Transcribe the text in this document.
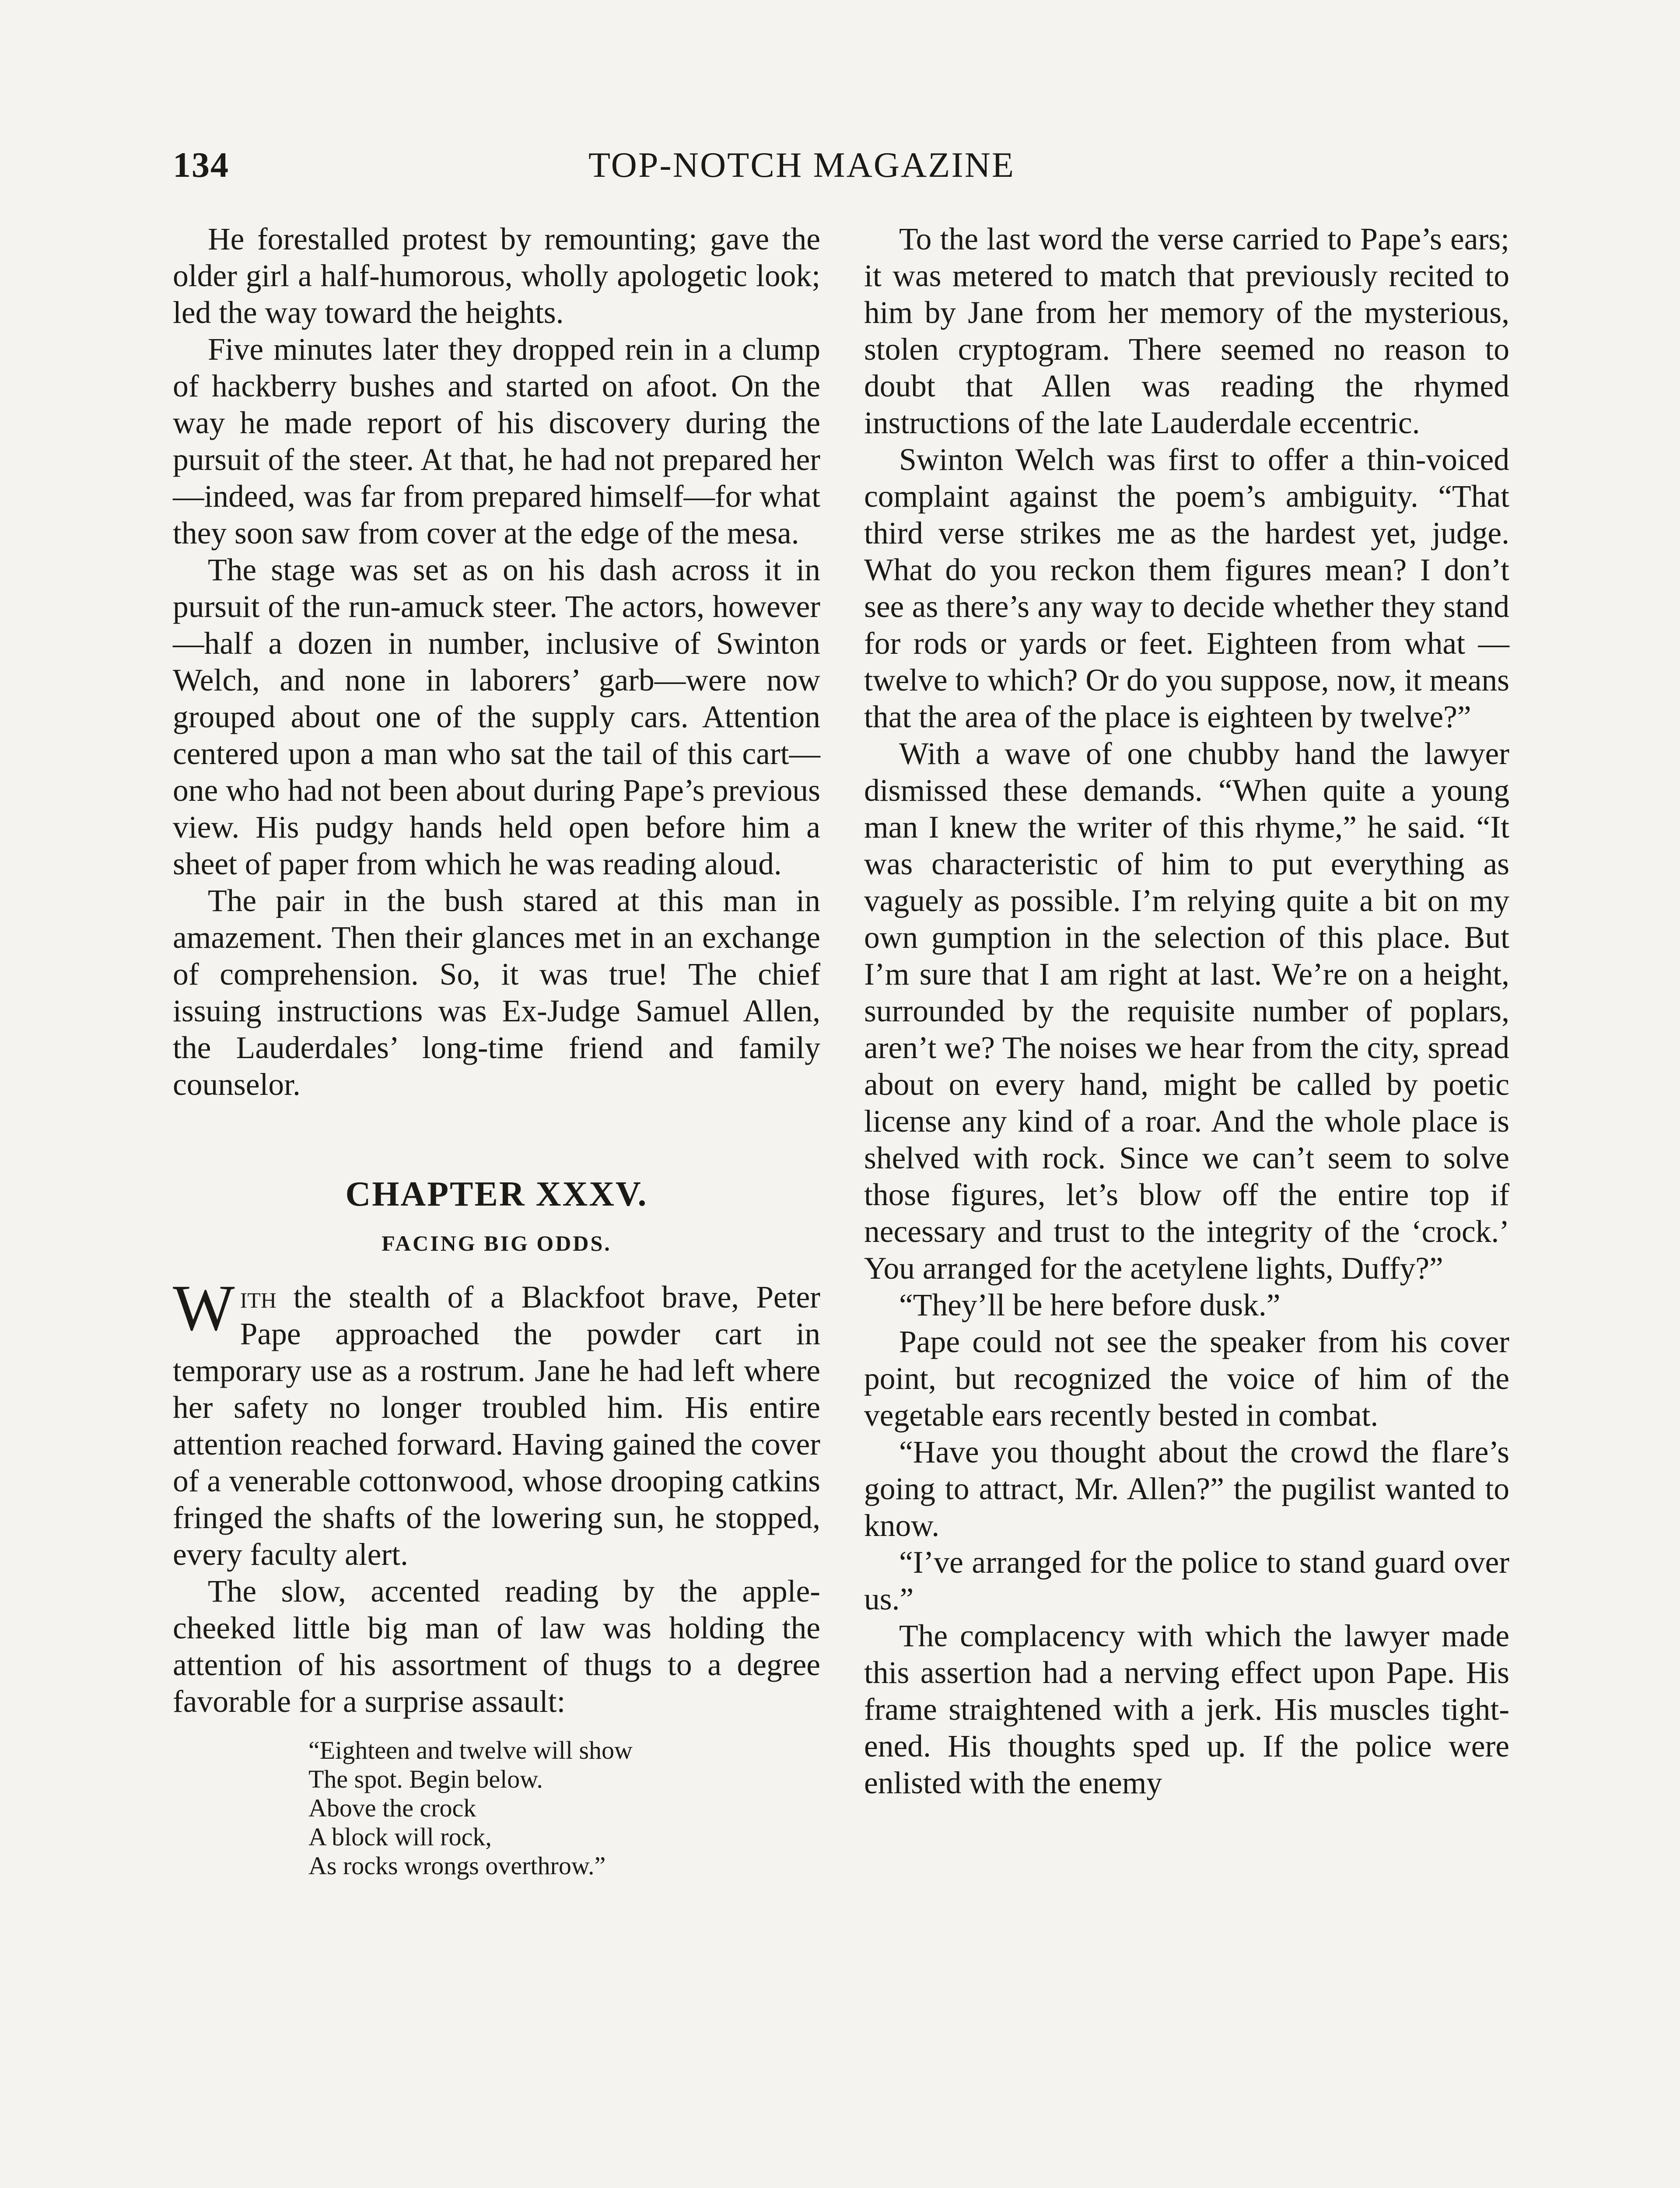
134	TOP-NOTCH MAGAZINE

He forestalled protest by remounting; gave the older girl a half-humorous, wholly apologetic look; led the way toward the heights.

Five minutes later they dropped rein in a clump of hackberry bushes and started on afoot. On the way he made report of his discovery during the pursuit of the steer. At that, he had not prepared her—indeed, was far from prepared himself—for what they soon saw from cover at the edge of the mesa.

The stage was set as on his dash across it in pursuit of the run-amuck steer. The actors, however—half a dozen in number, inclusive of Swinton Welch, and none in laborers’ garb—were now grouped about one of the supply cars. Attention centered upon a man who sat the tail of this cart—one who had not been about during Pape’s previous view. His pudgy hands held open before him a sheet of paper from which he was reading aloud.

The pair in the bush stared at this man in amazement. Then their glances met in an exchange of comprehension. So, it was true! The chief issuing instructions was Ex-Judge Samuel Allen, the Lauderdales’ long-time friend and family counselor.

CHAPTER XXXV.
FACING BIG ODDS.

With the stealth of a Blackfoot brave, Peter Pape approached the powder cart in temporary use as a rostrum. Jane he had left where her safety no longer troubled him. His entire attention reached forward. Having gained the cover of a venerable cottonwood, whose drooping catkins fringed the shafts of the lowering sun, he stopped, every faculty alert.

The slow, accented reading by the apple-cheeked little big man of law was holding the attention of his assortment of thugs to a degree favorable for a surprise assault:

“Eighteen and twelve will show
The spot. Begin below.
Above the crock
A block will rock,
As rocks wrongs overthrow.”

To the last word the verse carried to Pape’s ears; it was metered to match that previously recited to him by Jane from her memory of the mysterious, stolen cryptogram. There seemed no reason to doubt that Allen was reading the rhymed instructions of the late Lauderdale eccentric.

Swinton Welch was first to offer a thin-voiced complaint against the poem’s ambiguity. “That third verse strikes me as the hardest yet, judge. What do you reckon them figures mean? I don’t see as there’s any way to decide whether they stand for rods or yards or feet. Eighteen from what —twelve to which? Or do you suppose, now, it means that the area of the place is eighteen by twelve?”

With a wave of one chubby hand the lawyer dismissed these demands. “When quite a young man I knew the writer of this rhyme,” he said. “It was characteristic of him to put everything as vaguely as possible. I’m relying quite a bit on my own gumption in the selection of this place. But I’m sure that I am right at last. We’re on a height, surrounded by the requisite number of poplars, aren’t we? The noises we hear from the city, spread about on every hand, might be called by poetic license any kind of a roar. And the whole place is shelved with rock. Since we can’t seem to solve those figures, let’s blow off the entire top if necessary and trust to the integrity of the ‘crock.’ You arranged for the acetylene lights, Duffy?”

“They’ll be here before dusk.”

Pape could not see the speaker from his cover point, but recognized the voice of him of the vegetable ears recently bested in combat.

“Have you thought about the crowd the flare’s going to attract, Mr. Allen?” the pugilist wanted to know.

“I’ve arranged for the police to stand guard over us.”

The complacency with which the lawyer made this assertion had a nerving effect upon Pape. His frame straightened with a jerk. His muscles tightened. His thoughts sped up. If the police were enlisted with the enemy
